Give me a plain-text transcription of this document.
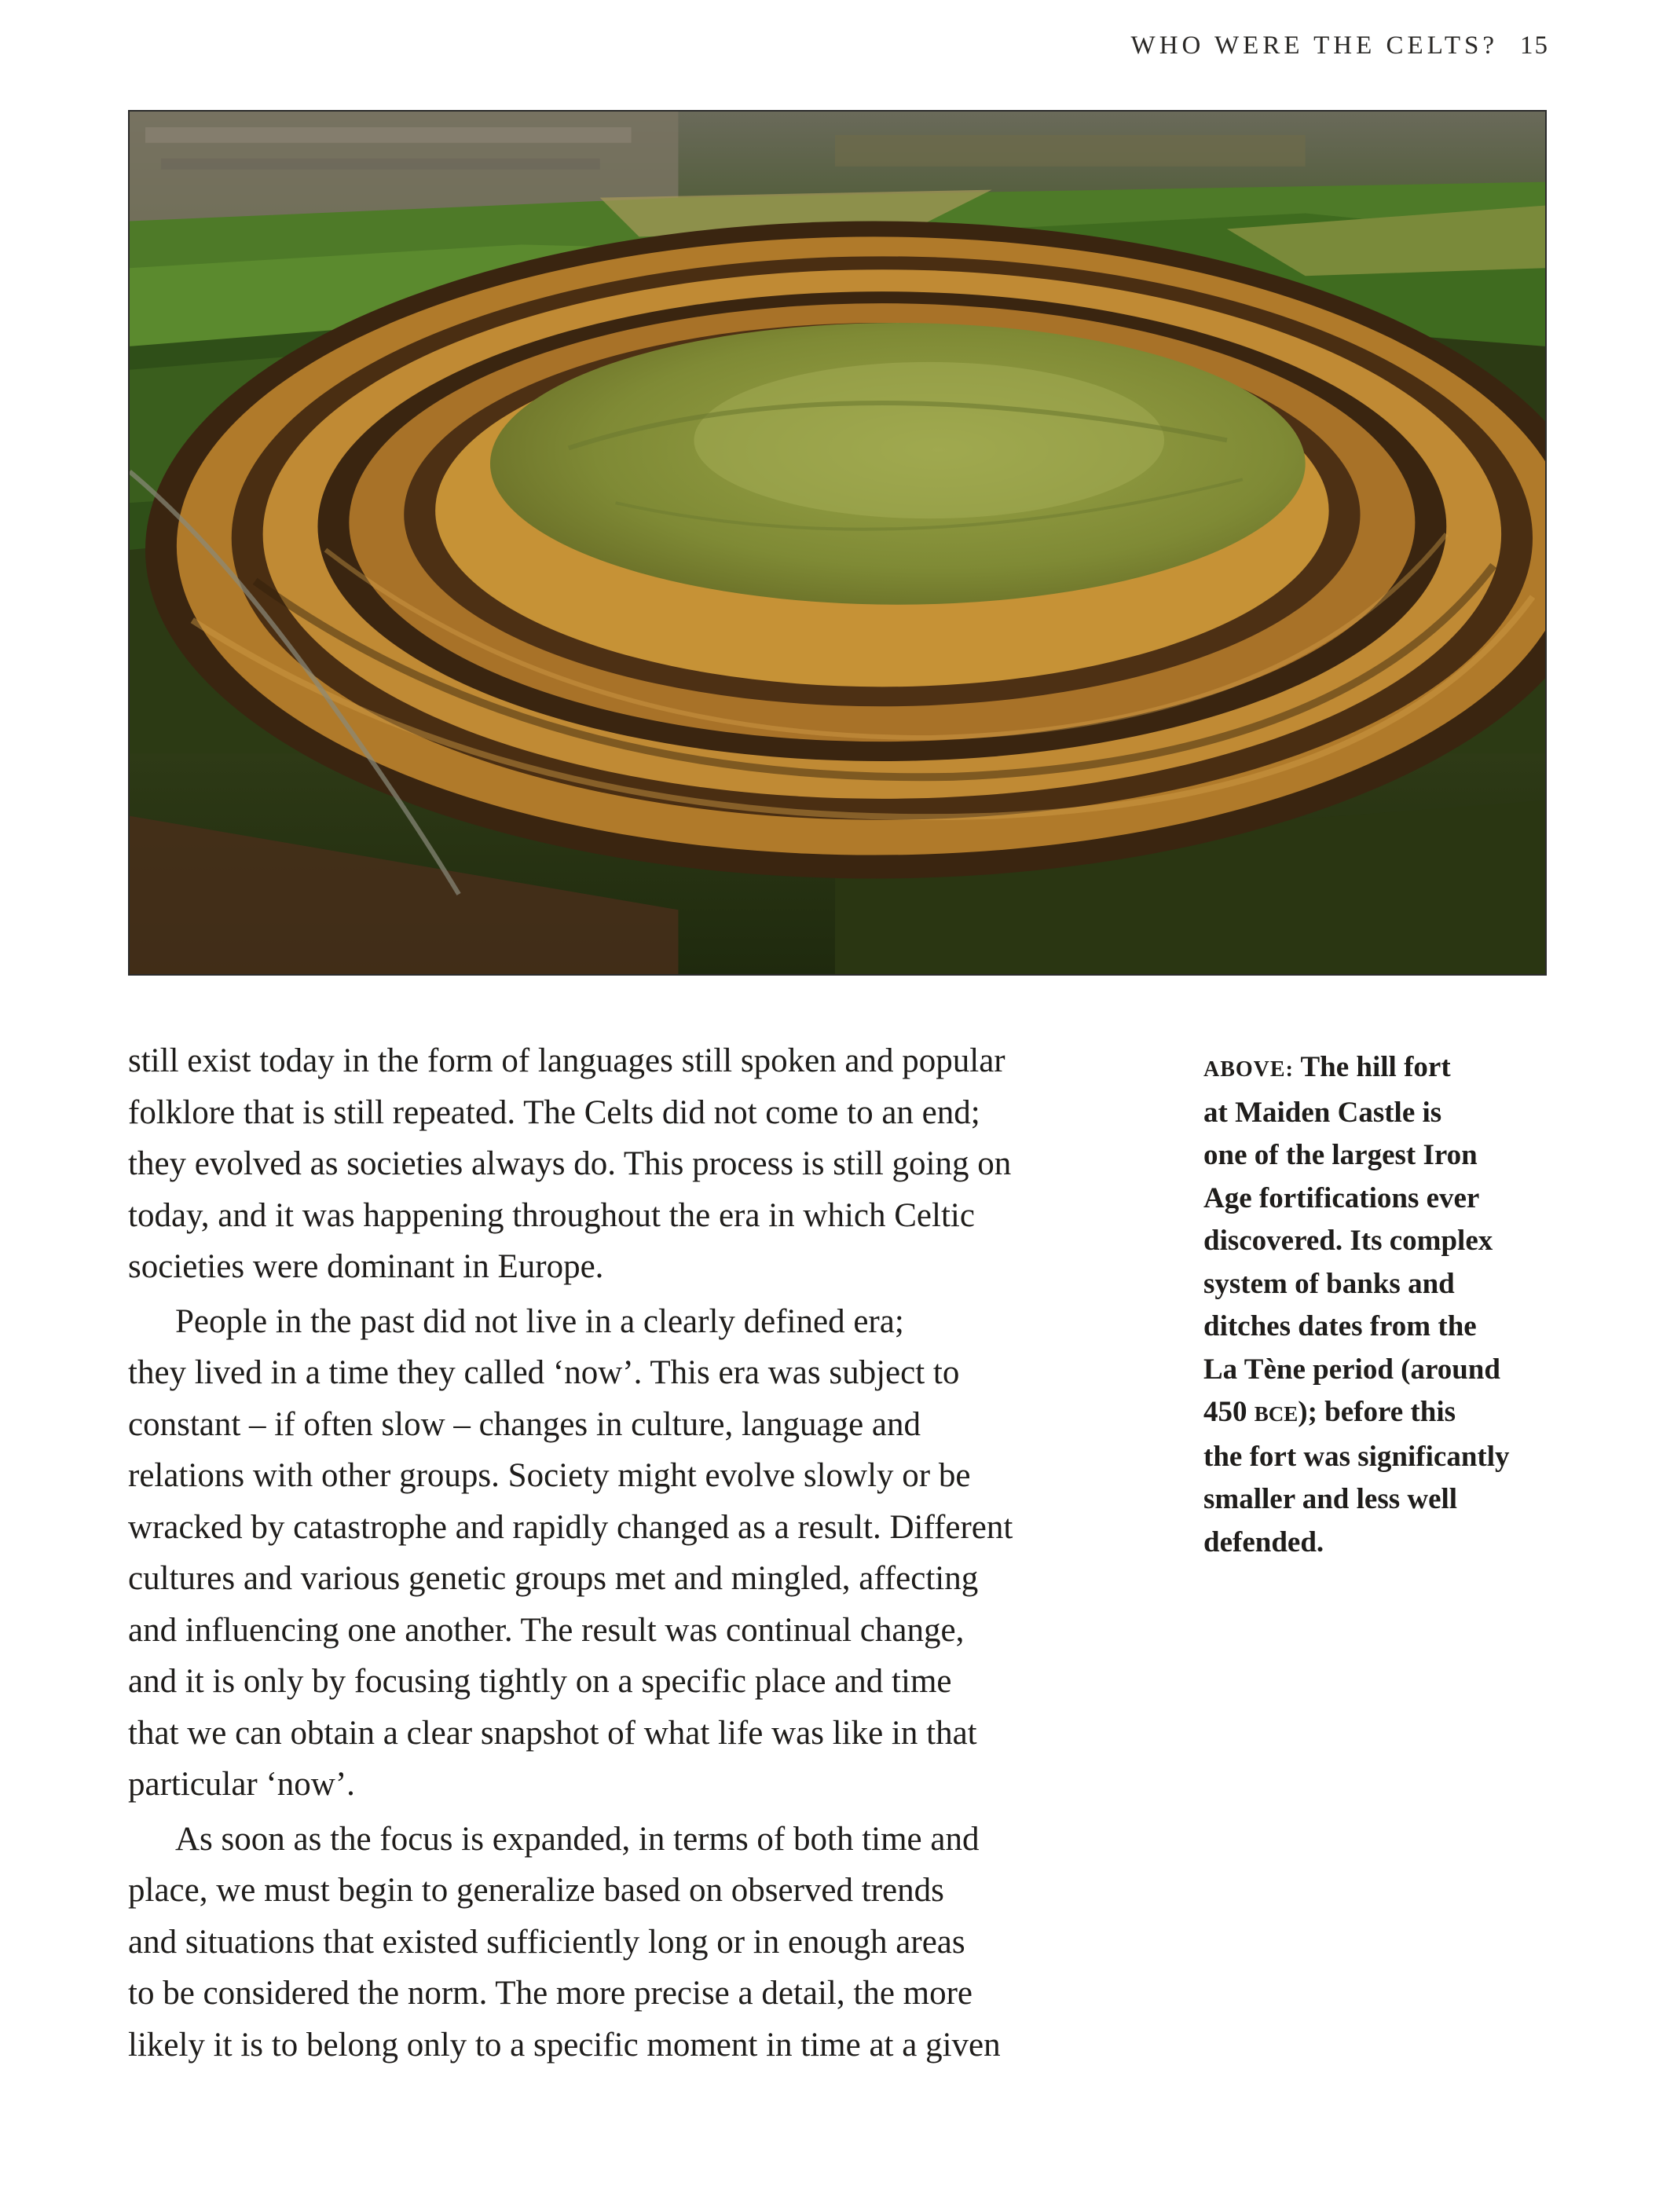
WHO WERE THE CELTS? 15

still exist today in the form of languages still spoken and popular
folklore that is still repeated. The Celts did not come to an end;
they evolved as societies always do. This process is still going on
today, and it was happening throughout the era in which Celtic
societies were dominant in Europe.

People in the past did not live in a clearly defined era;
they lived in a time they called ‘now’. This era was subject to
constant – if often slow – changes in culture, language and
relations with other groups. Society might evolve slowly or be
wracked by catastrophe and rapidly changed as a result. Different
cultures and various genetic groups met and mingled, affecting
and influencing one another. The result was continual change,
and it is only by focusing tightly on a specific place and time
that we can obtain a clear snapshot of what life was like in that
particular ‘now’.

As soon as the focus is expanded, in terms of both time and
place, we must begin to generalize based on observed trends
and situations that existed sufficiently long or in enough areas
to be considered the norm. The more precise a detail, the more
likely it is to belong only to a specific moment in time at a given

ABOVE: The hill fort
at Maiden Castle is
one of the largest Iron
Age fortifications ever
discovered. Its complex
system of banks and
ditches dates from the
La Tène period (around
450 BCE); before this
the fort was significantly
smaller and less well
defended.
